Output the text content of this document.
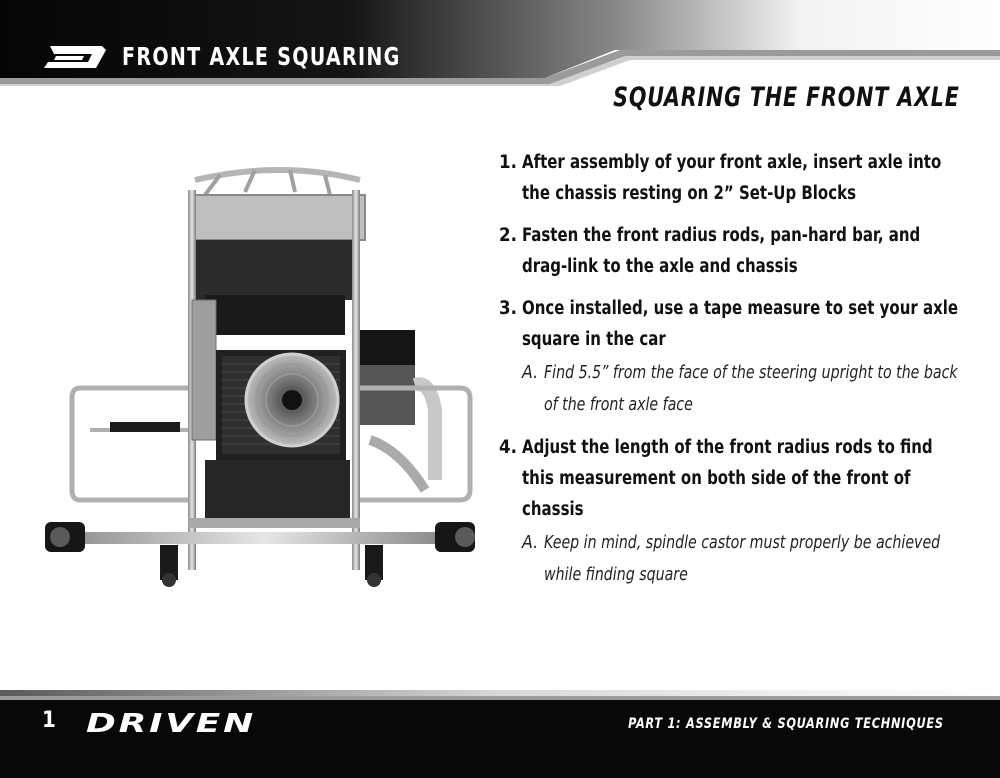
FRONT AXLE SQUARING
SQUARING THE FRONT AXLE
1. After assembly of your front axle, insert axle into the chassis resting on 2” Set-Up Blocks
2. Fasten the front radius rods, pan-hard bar, and drag-link to the axle and chassis
3. Once installed, use a tape measure to set your axle square in the car
A. Find 5.5” from the face of the steering upright to the back of the front axle face
4. Adjust the length of the front radius rods to find this measurement on both side of the front of chassis
A. Keep in mind, spindle castor must properly be achieved while finding square
1 DRIVEN	PART 1: ASSEMBLY & SQUARING TECHNIQUES
